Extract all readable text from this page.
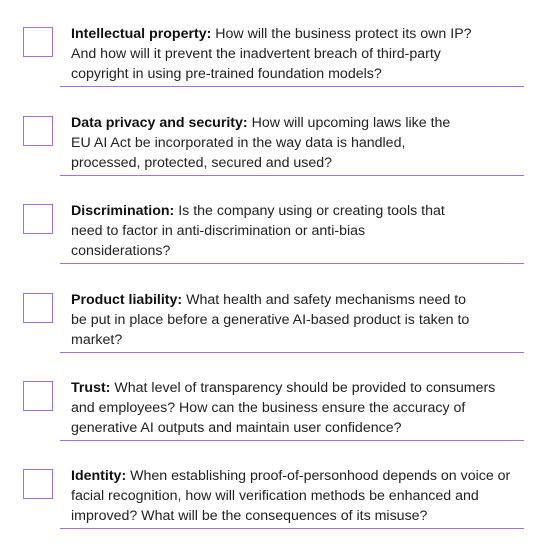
Intellectual property: How will the business protect its own IP? And how will it prevent the inadvertent breach of third-party copyright in using pre-trained foundation models?
Data privacy and security: How will upcoming laws like the EU AI Act be incorporated in the way data is handled, processed, protected, secured and used?
Discrimination: Is the company using or creating tools that need to factor in anti-discrimination or anti-bias considerations?
Product liability: What health and safety mechanisms need to be put in place before a generative AI-based product is taken to market?
Trust: What level of transparency should be provided to consumers and employees? How can the business ensure the accuracy of generative AI outputs and maintain user confidence?
Identity: When establishing proof-of-personhood depends on voice or facial recognition, how will verification methods be enhanced and improved? What will be the consequences of its misuse?
